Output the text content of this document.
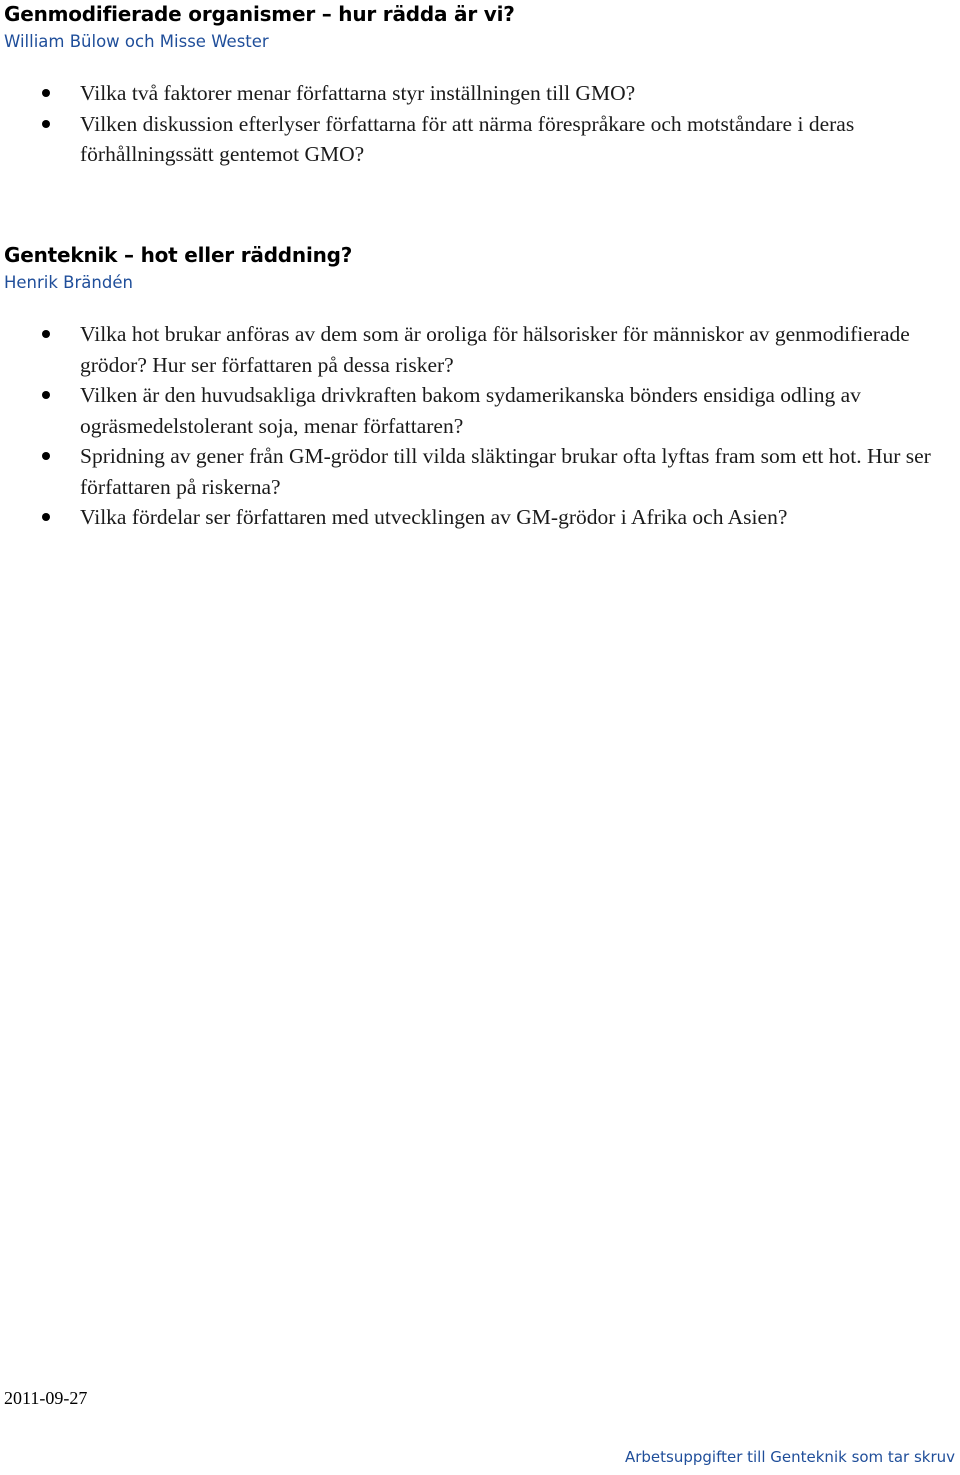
Genmodifierade organismer – hur rädda är vi?

William Bülow och Misse Wester

Vilka två faktorer menar författarna styr inställningen till GMO?
Vilken diskussion efterlyser författarna för att närma förespråkare och motståndare i deras förhållningssätt gentemot GMO?
Genteknik – hot eller räddning?

Henrik Brändén

Vilka hot brukar anföras av dem som är oroliga för hälsorisker för människor av genmodifierade grödor? Hur ser författaren på dessa risker?
Vilken är den huvudsakliga drivkraften bakom sydamerikanska bönders ensidiga odling av ogräsmedelstolerant soja, menar författaren?
Spridning av gener från GM-grödor till vilda släktingar brukar ofta lyftas fram som ett hot. Hur ser författaren på riskerna?
Vilka fördelar ser författaren med utvecklingen av GM-grödor i Afrika och Asien?
2011-09-27
Arbetsuppgifter till Genteknik som tar skruv
